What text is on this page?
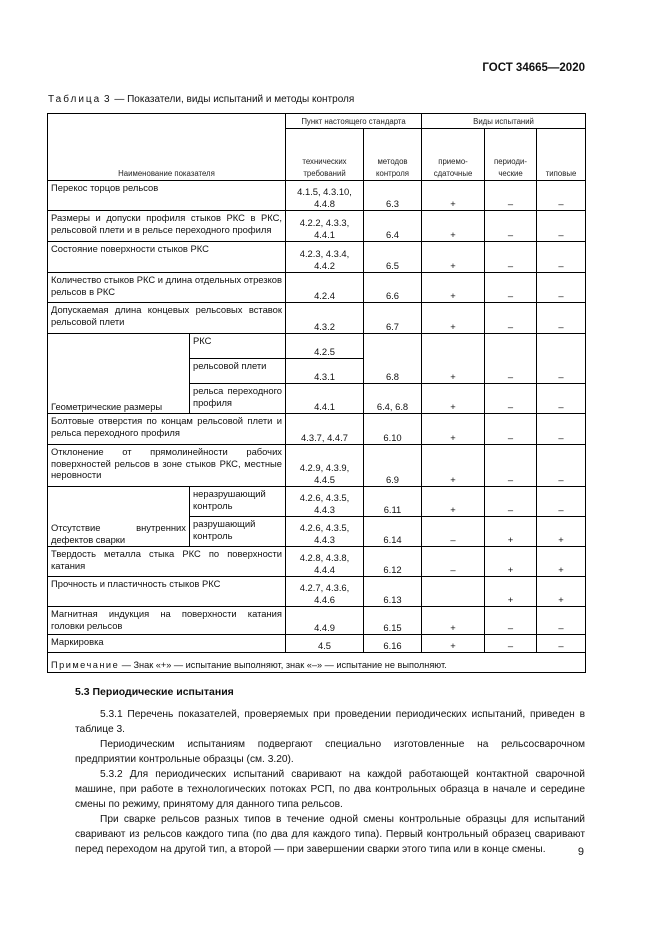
ГОСТ 34665—2020
Таблица 3 — Показатели, виды испытаний и методы контроля
Наименование показателя		Пункт настоящего стандарта		Виды испытаний		
		технических требований	методов контроля	приемо-сдаточные	периоди-ческие	типовые
Перекос торцов рельсов		4.1.5, 4.3.10, 4.4.8	6.3	+	–	–
Размеры и допуски профиля стыков РКС в РКС, рельсовой плети и в рельсе переходного профиля		4.2.2, 4.3.3, 4.4.1	6.4	+	–	–
Состояние поверхности стыков РКС		4.2.3, 4.3.4, 4.4.2	6.5	+	–	–
Количество стыков РКС и длина отдельных отрезков рельсов в РКС		4.2.4	6.6	+	–	–
Допускаемая длина концевых рельсовых вставок рельсовой плети		4.3.2	6.7	+	–	–
Геометрические размеры	РКС	4.2.5	6.8	+	–	–
	рельсовой плети	4.3.1				
	рельса переходного профиля	4.4.1	6.4, 6.8	+	–	–
Болтовые отверстия по концам рельсовой плети и рельса переходного профиля		4.3.7, 4.4.7	6.10	+	–	–
Отклонение от прямолинейности рабочих поверхностей рельсов в зоне стыков РКС, местные неровности		4.2.9, 4.3.9, 4.4.5	6.9	+	–	–
Отсутствие внутренних дефектов сварки	неразрушающий контроль	4.2.6, 4.3.5, 4.4.3	6.11	+	–	–
	разрушающий контроль	4.2.6, 4.3.5, 4.4.3	6.14	–	+	+
Твердость металла стыка РКС по поверхности катания		4.2.8, 4.3.8, 4.4.4	6.12	–	+	+
Прочность и пластичность стыков РКС		4.2.7, 4.3.6, 4.4.6	6.13		+	+
Магнитная индукция на поверхности катания головки рельсов		4.4.9	6.15	+	–	–
Маркировка		4.5	6.16	+	–	–
Примечание — Знак «+» — испытание выполняют, знак «–» — испытание не выполняют.						
5.3 Периодические испытания

5.3.1 Перечень показателей, проверяемых при проведении периодических испытаний, приведен в таблице 3.

Периодическим испытаниям подвергают специально изготовленные на рельсосварочном предприятии контрольные образцы (см. 3.20).

5.3.2 Для периодических испытаний сваривают на каждой работающей контактной сварочной машине, при работе в технологических потоках РСП, по два контрольных образца в начале и середине смены по режиму, принятому для данного типа рельсов.

При сварке рельсов разных типов в течение одной смены контрольные образцы для испытаний сваривают из рельсов каждого типа (по два для каждого типа). Первый контрольный образец сваривают перед переходом на другой тип, а второй — при завершении сварки этого типа или в конце смены.	9
